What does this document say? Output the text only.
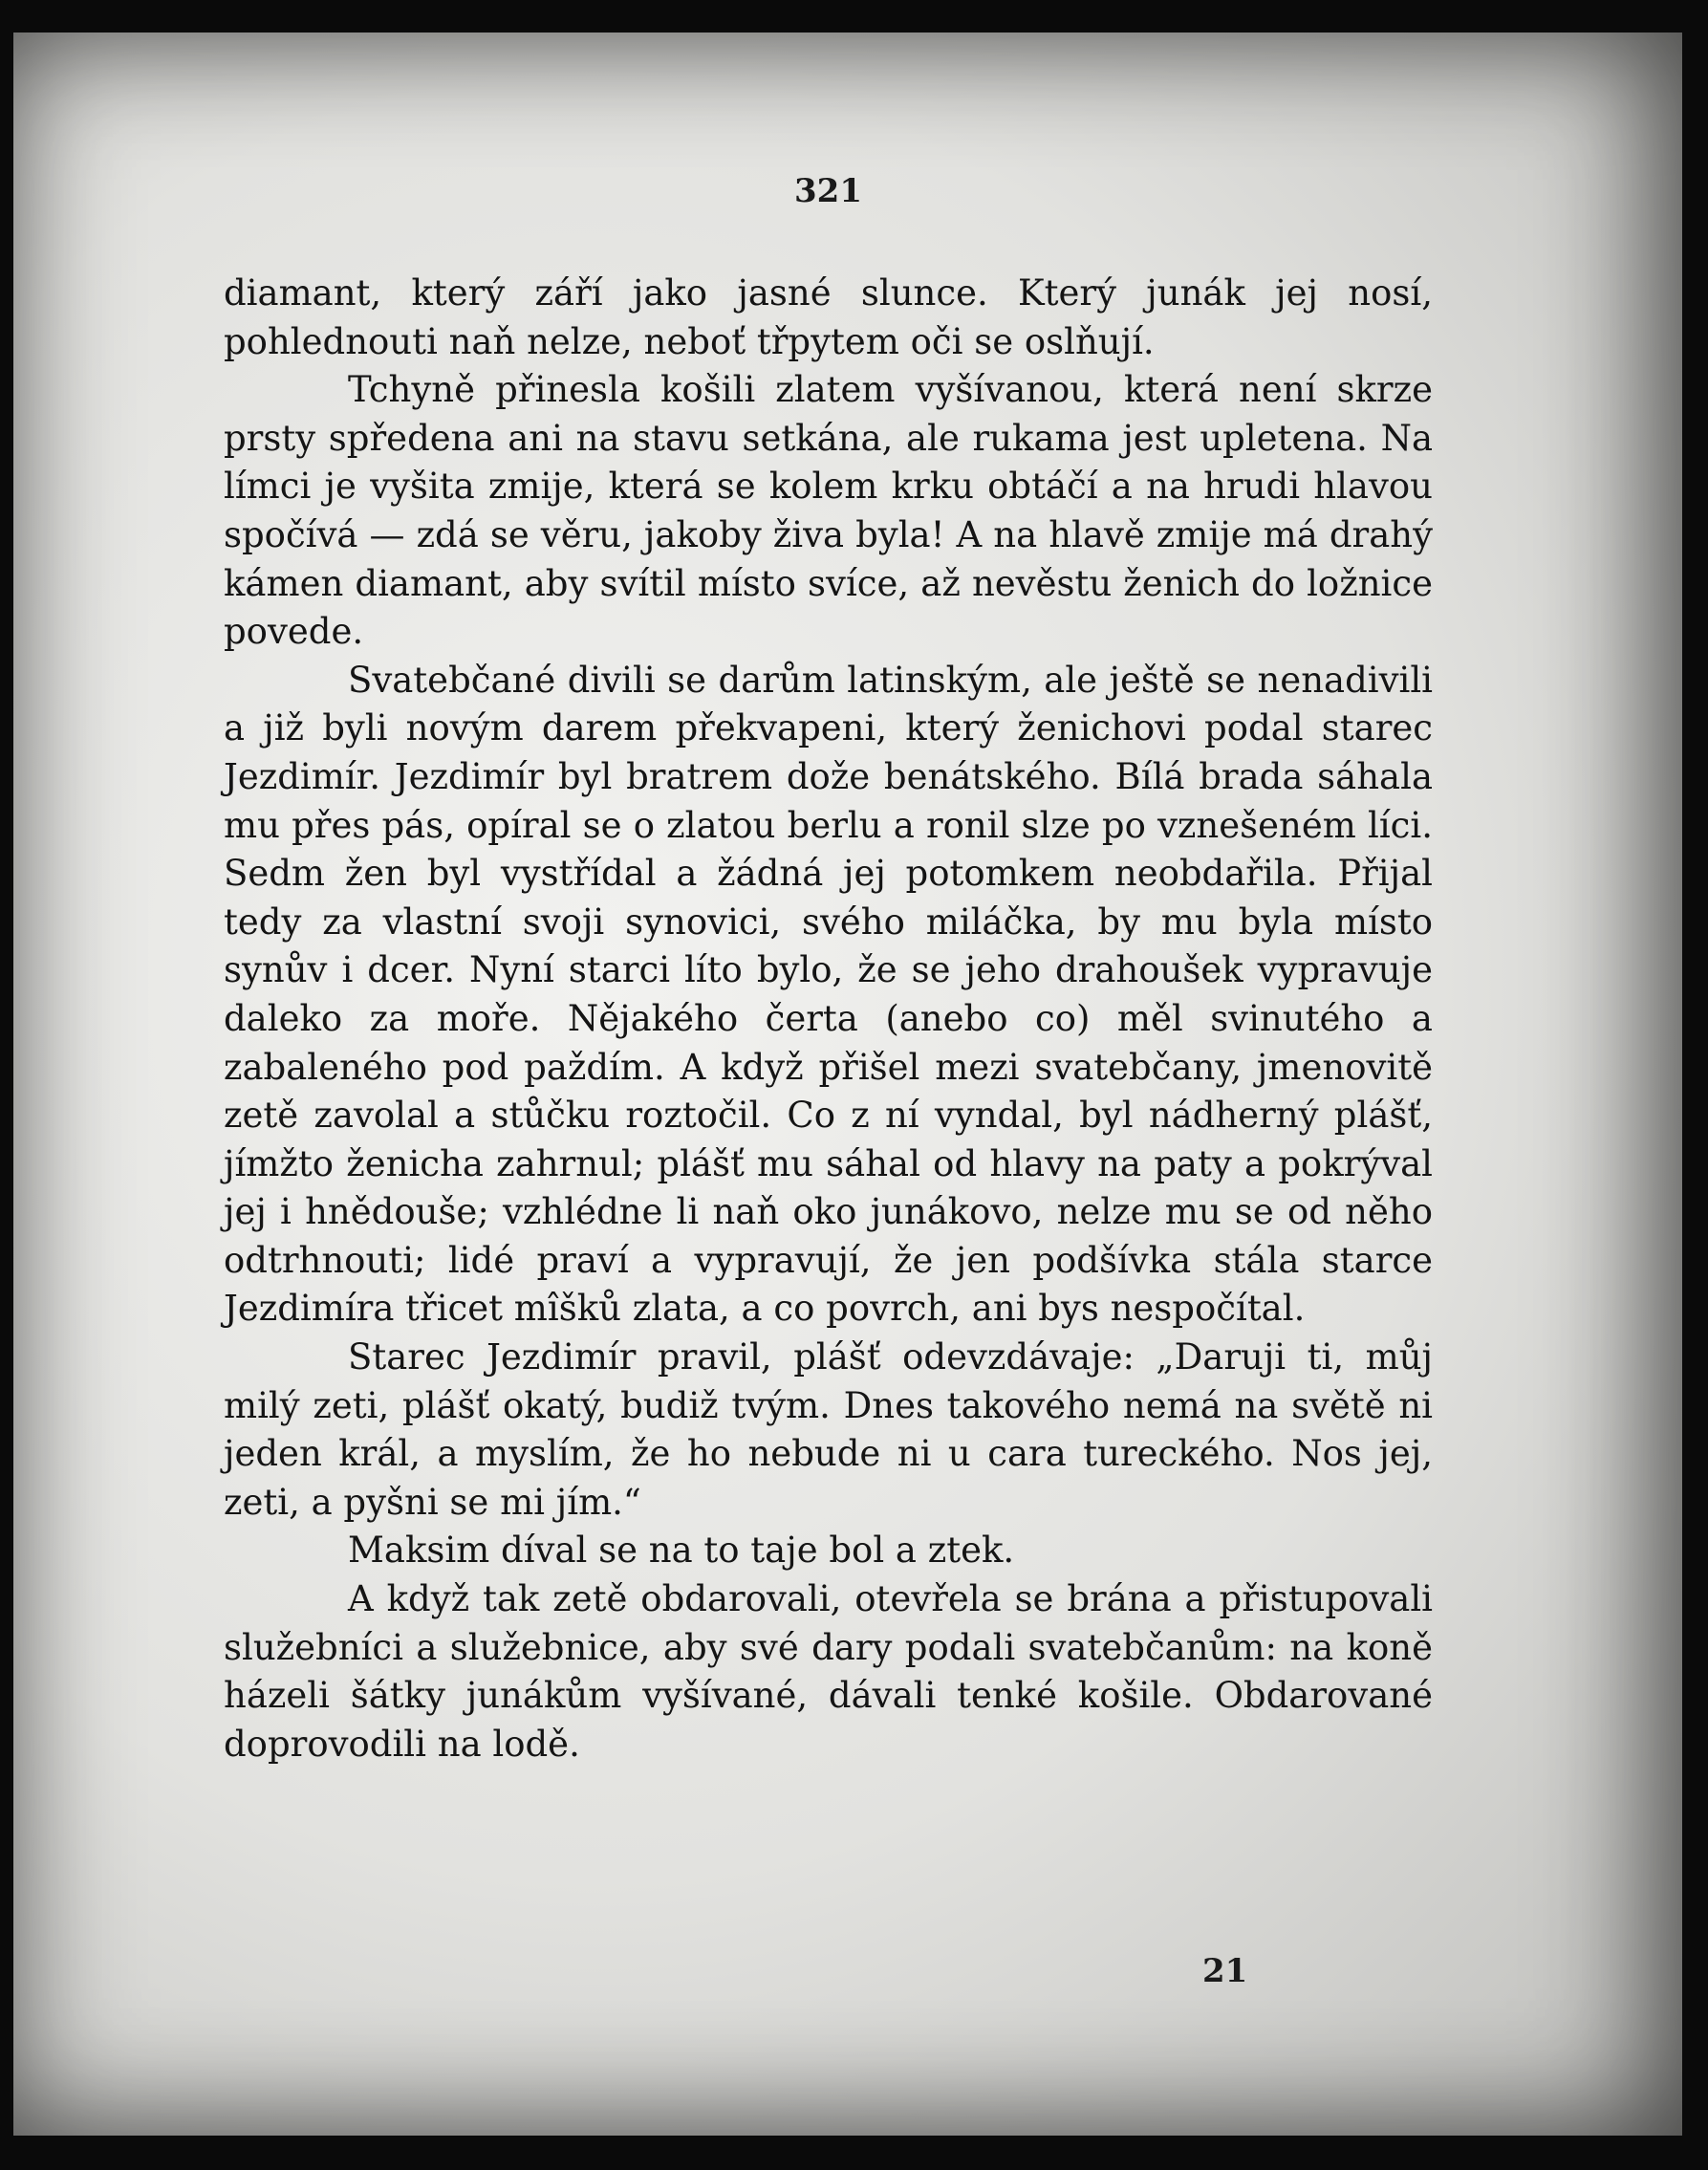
321

diamant, který září jako jasné slunce. Který junák jej nosí, pohlednouti naň nelze, neboť třpytem oči se oslňují.

Tchyně přinesla košili zlatem vyšívanou, která není skrze prsty spředena ani na stavu setkána, ale rukama jest upletena. Na límci je vyšita zmije, která se kolem krku obtáčí a na hrudi hlavou spočívá — zdá se věru, jakoby živa byla! A na hlavě zmije má drahý kámen diamant, aby svítil místo svíce, až nevěstu ženich do ložnice povede.

Svatebčané divili se darům latinským, ale ještě se nenadivili a již byli novým darem překvapeni, který ženichovi podal starec Jezdimír. Jezdimír byl bratrem dože benátského. Bílá brada sáhala mu přes pás, opíral se o zlatou berlu a ronil slze po vznešeném líci. Sedm žen byl vystřídal a žádná jej potomkem neobdařila. Přijal tedy za vlastní svoji synovici, svého miláčka, by mu byla místo synův i dcer. Nyní starci líto bylo, že se jeho drahoušek vypravuje daleko za moře. Nějakého čerta (anebo co) měl svinutého a zabaleného pod paždím. A když přišel mezi svatebčany, jmenovitě zetě zavolal a stůčku roztočil. Co z ní vyndal, byl nádherný plášť, jímžto ženicha zahrnul; plášť mu sáhal od hlavy na paty a pokrýval jej i hnědouše; vzhlédne li naň oko junákovo, nelze mu se od něho odtrhnouti; lidé praví a vypravují, že jen podšívka stála starce Jezdimíra třicet mîšků zlata, a co povrch, ani bys nespočítal.

Starec Jezdimír pravil, plášť odevzdávaje: „Daruji ti, můj milý zeti, plášť okatý, budiž tvým. Dnes takového nemá na světě ni jeden král, a myslím, že ho nebude ni u cara tureckého. Nos jej, zeti, a pyšni se mi jím.“

Maksim díval se na to taje bol a ztek.

A když tak zetě obdarovali, otevřela se brána a přistupovali služebníci a služebnice, aby své dary podali svatebčanům: na koně házeli šátky junákům vyšívané, dávali tenké košile. Obdarované doprovodili na lodě.

21
